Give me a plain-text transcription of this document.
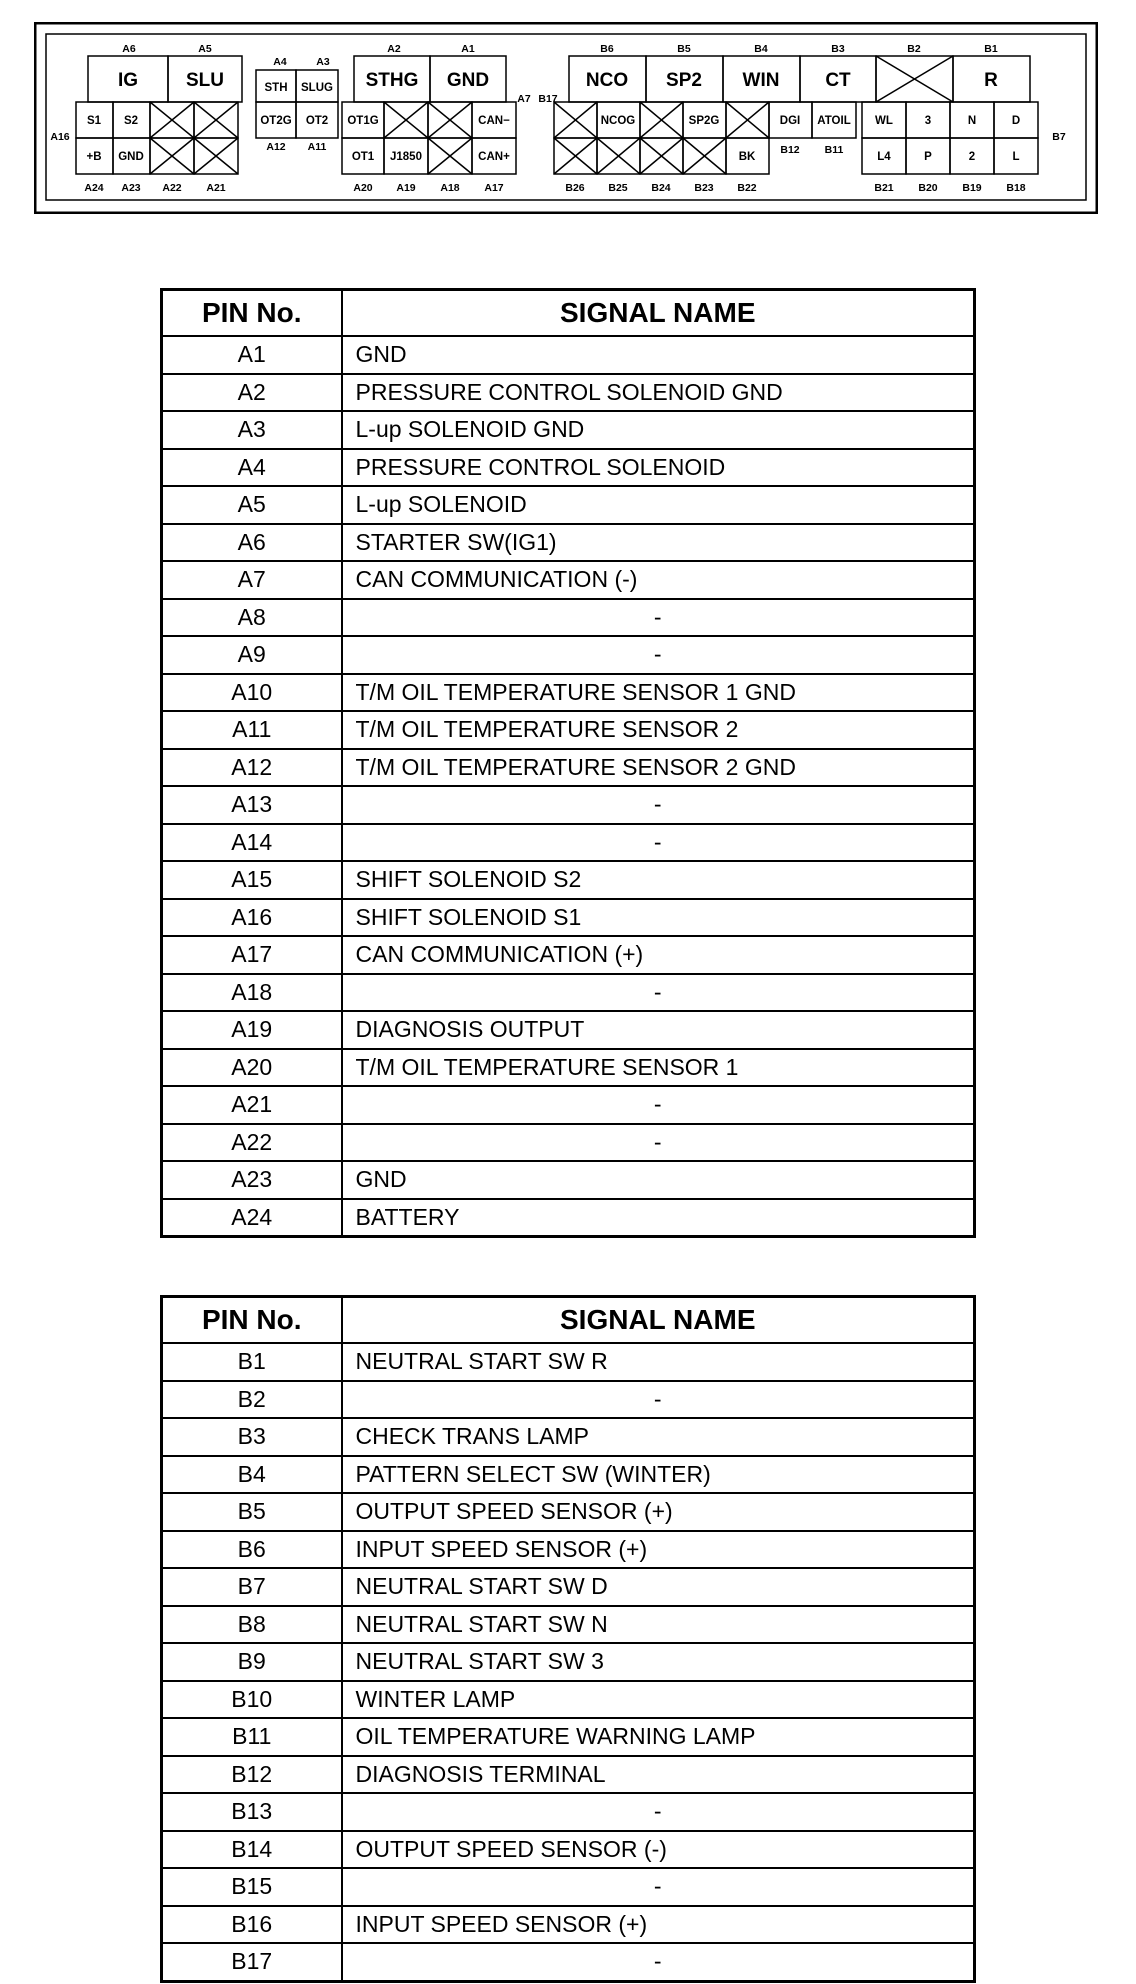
A6	A5
A4	A3
A2	A1	B6	B5	B4	B3	B2	B1
IG	SLU	STHG GND	NCO SP2 WIN CT	R
STH SLUG
S1 S2	OT2G OT2 OT1G	CAN−
+B GND	OT1 J1850	CAN+
NCOG	SP2G	DGI ATOIL WL	3	N	D
BK	L4	P	2	L
A16
A12 A11
A7 B17
B12 B11
B7
A24 A23 A22 A21	A20 A19 A18 A17	B26 B25 B24 B23 B22	B21 B20 B19 B18
PIN No.	SIGNAL NAME
A1	GND
A2	PRESSURE CONTROL SOLENOID GND
A3	L-up SOLENOID GND
A4	PRESSURE CONTROL SOLENOID
A5	L-up SOLENOID
A6	STARTER SW(IG1)
A7	CAN COMMUNICATION (-)
A8	-
A9	-
A10	T/M OIL TEMPERATURE SENSOR 1 GND
A11	T/M OIL TEMPERATURE SENSOR 2
A12	T/M OIL TEMPERATURE SENSOR 2 GND
A13	-
A14	-
A15	SHIFT SOLENOID S2
A16	SHIFT SOLENOID S1
A17	CAN COMMUNICATION (+)
A18	-
A19	DIAGNOSIS OUTPUT
A20	T/M OIL TEMPERATURE SENSOR 1
A21	-
A22	-
A23	GND
A24	BATTERY
PIN No.	SIGNAL NAME
B1	NEUTRAL START SW R
B2	-
B3	CHECK TRANS LAMP
B4	PATTERN SELECT SW (WINTER)
B5	OUTPUT SPEED SENSOR (+)
B6	INPUT SPEED SENSOR (+)
B7	NEUTRAL START SW D
B8	NEUTRAL START SW N
B9	NEUTRAL START SW 3
B10	WINTER LAMP
B11	OIL TEMPERATURE WARNING LAMP
B12	DIAGNOSIS TERMINAL
B13	-
B14	OUTPUT SPEED SENSOR (-)
B15	-
B16	INPUT SPEED SENSOR (+)
B17	-
